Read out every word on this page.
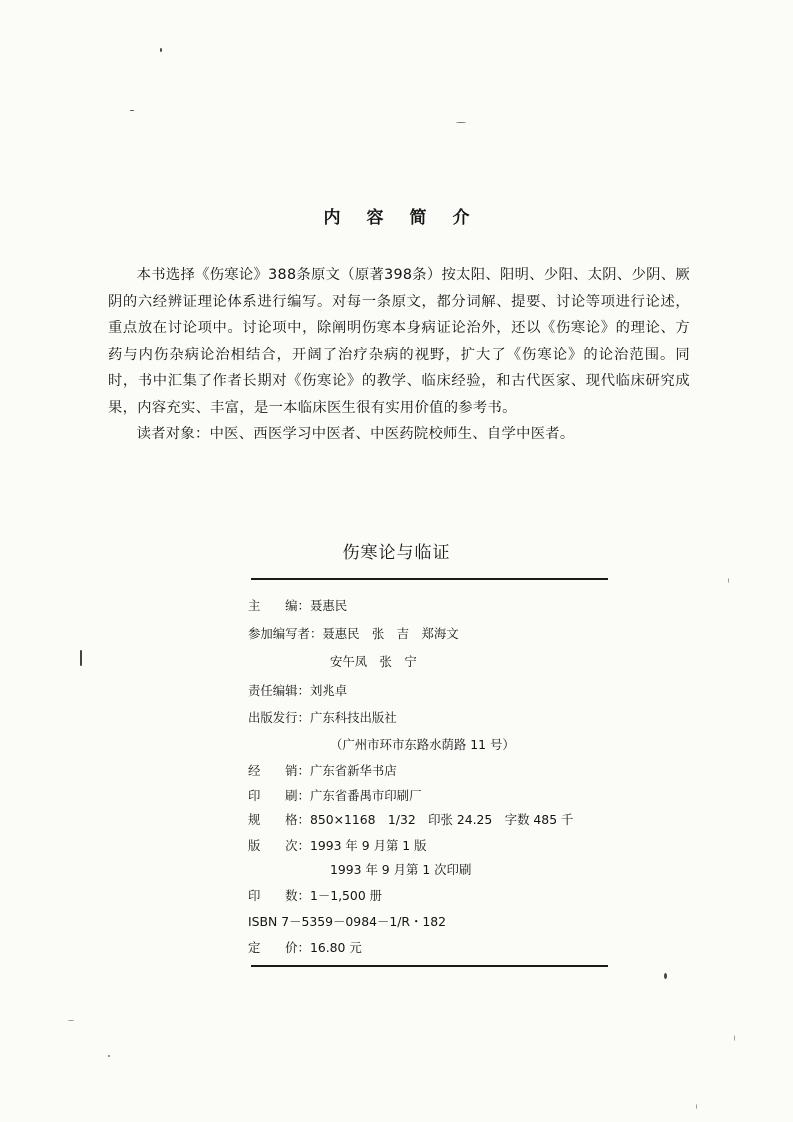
内容简介

本书选择《伤寒论》388条原文（原著398条）按太阳、阳明、少阳、太阴、少阴、厥阴的六经辨证理论体系进行编写。对每一条原文，都分词解、提要、讨论等项进行论述，重点放在讨论项中。讨论项中，除阐明伤寒本身病证论治外，还以《伤寒论》的理论、方药与内伤杂病论治相结合，开阔了治疗杂病的视野，扩大了《伤寒论》的论治范围。同时，书中汇集了作者长期对《伤寒论》的教学、临床经验，和古代医家、现代临床研究成果，内容充实、丰富，是一本临床医生很有实用价值的参考书。

读者对象：中医、西医学习中医者、中医药院校师生、自学中医者。

伤寒论与临证
主　　编：聂惠民
参加编写者：聂惠民　张　吉　郑海文
安午凤　张　宁
责任编辑：刘兆卓
出版发行：广东科技出版社
（广州市环市东路水荫路 11 号）
经　　销：广东省新华书店
印　　刷：广东省番禺市印刷厂
规　　格：850×1168　1/32　印张 24.25　字数 485 千
版　　次：1993 年 9 月第 1 版
1993 年 9 月第 1 次印刷
印　　数：1－1,500 册
ISBN 7－5359－0984－1/R・182
定　　价：16.80 元
